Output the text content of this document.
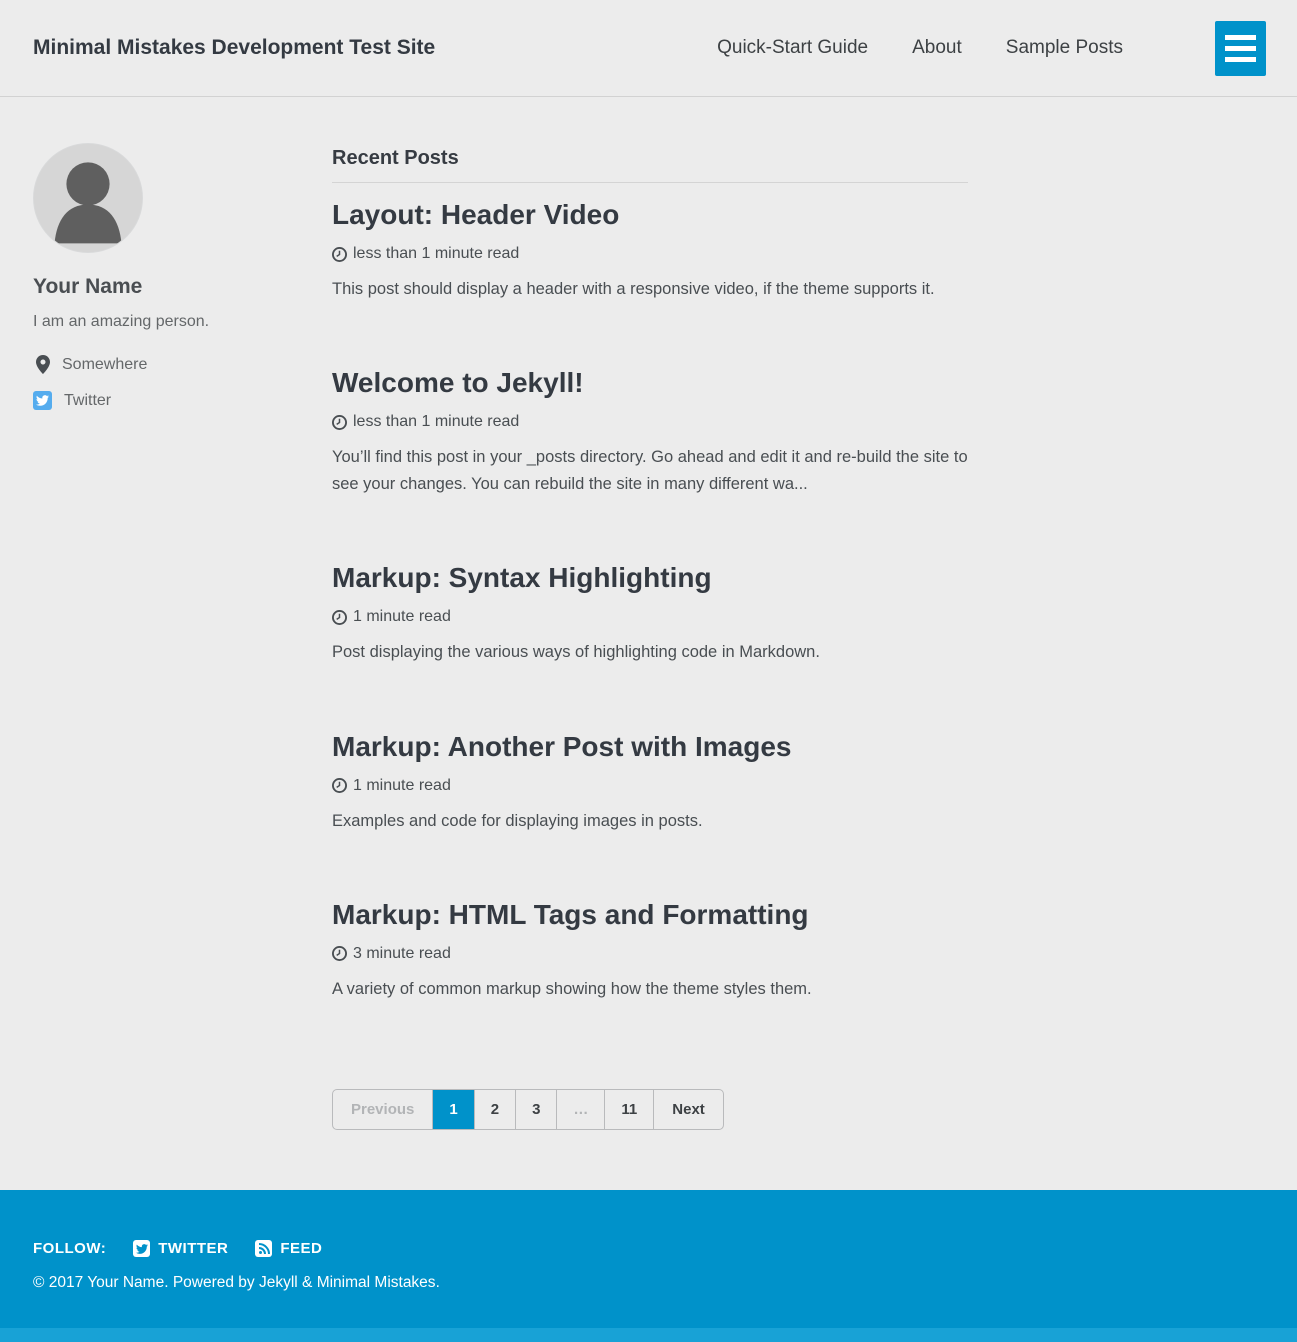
Minimal Mistakes Development Test Site	Quick-Start Guide About Sample Posts
Your Name

I am an amazing person.

Somewhere
Twitter
Recent Posts
Layout: Header Video

less than 1 minute read

This post should display a header with a responsive video, if the theme supports it.

Welcome to Jekyll!

less than 1 minute read

You’ll find this post in your _posts directory. Go ahead and edit it and re-build the site to see your changes. You can rebuild the site in many different wa...

Markup: Syntax Highlighting

1 minute read

Post displaying the various ways of highlighting code in Markdown.

Markup: Another Post with Images

1 minute read

Examples and code for displaying images in posts.

Markup: HTML Tags and Formatting

3 minute read

A variety of common markup showing how the theme styles them.

Previous	1	2	3	…	11	Next
FOLLOW:	TWITTER	FEED

© 2017 Your Name. Powered by Jekyll & Minimal Mistakes.
